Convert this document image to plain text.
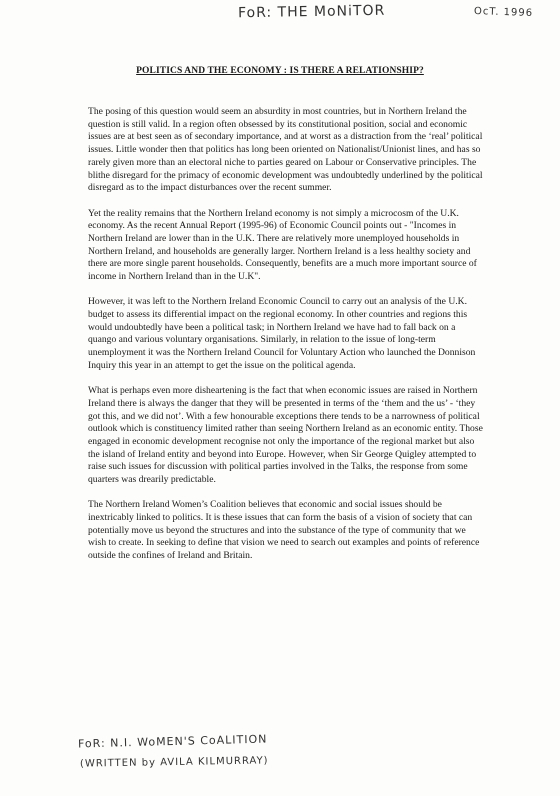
FoR: THE MoNiTOR	OcT. 1996
POLITICS AND THE ECONOMY : IS THERE A RELATIONSHIP?

The posing of this question would seem an absurdity in most countries, but in Northern Ireland the question is still valid. In a region often obsessed by its constitutional position, social and economic issues are at best seen as of secondary importance, and at worst as a distraction from the ‘real’ political issues. Little wonder then that politics has long been oriented on Nationalist/Unionist lines, and has so rarely given more than an electoral niche to parties geared on Labour or Conservative principles. The blithe disregard for the primacy of economic development was undoubtedly underlined by the political disregard as to the impact disturbances over the recent summer.

Yet the reality remains that the Northern Ireland economy is not simply a microcosm of the U.K. economy. As the recent Annual Report (1995-96) of Economic Council points out - "Incomes in Northern Ireland are lower than in the U.K. There are relatively more unemployed households in Northern Ireland, and households are generally larger. Northern Ireland is a less healthy society and there are more single parent households. Consequently, benefits are a much more important source of income in Northern Ireland than in the U.K".

However, it was left to the Northern Ireland Economic Council to carry out an analysis of the U.K. budget to assess its differential impact on the regional economy. In other countries and regions this would undoubtedly have been a political task; in Northern Ireland we have had to fall back on a quango and various voluntary organisations. Similarly, in relation to the issue of long-term unemployment it was the Northern Ireland Council for Voluntary Action who launched the Donnison Inquiry this year in an attempt to get the issue on the political agenda.

What is perhaps even more disheartening is the fact that when economic issues are raised in Northern Ireland there is always the danger that they will be presented in terms of the ‘them and the us’ - ‘they got this, and we did not’. With a few honourable exceptions there tends to be a narrowness of political outlook which is constituency limited rather than seeing Northern Ireland as an economic entity. Those engaged in economic development recognise not only the importance of the regional market but also the island of Ireland entity and beyond into Europe. However, when Sir George Quigley attempted to raise such issues for discussion with political parties involved in the Talks, the response from some quarters was drearily predictable.

The Northern Ireland Women’s Coalition believes that economic and social issues should be inextricably linked to politics. It is these issues that can form the basis of a vision of society that can potentially move us beyond the structures and into the substance of the type of community that we wish to create. In seeking to define that vision we need to search out examples and points of reference outside the confines of Ireland and Britain.

FoR: N.I. WoMEN'S CoALITION
(WRITTEN by AVILA KILMURRAY)
